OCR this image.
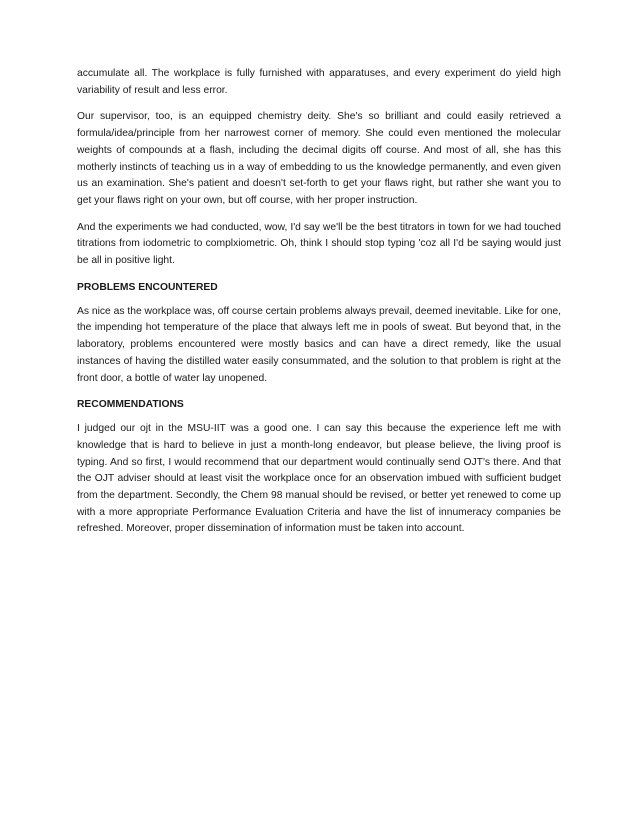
accumulate all. The workplace is fully furnished with apparatuses, and every experiment do yield high variability of result and less error.

Our supervisor, too, is an equipped chemistry deity. She's so brilliant and could easily retrieved a formula/idea/principle from her narrowest corner of memory. She could even mentioned the molecular weights of compounds at a flash, including the decimal digits off course. And most of all, she has this motherly instincts of teaching us in a way of embedding to us the knowledge permanently, and even given us an examination. She's patient and doesn't set-forth to get your flaws right, but rather she want you to get your flaws right on your own, but off course, with her proper instruction.

And the experiments we had conducted, wow, I'd say we'll be the best titrators in town for we had touched titrations from iodometric to complxiometric. Oh, think I should stop typing 'coz all I'd be saying would just be all in positive light.

PROBLEMS ENCOUNTERED

As nice as the workplace was, off course certain problems always prevail, deemed inevitable. Like for one, the impending hot temperature of the place that always left me in pools of sweat. But beyond that, in the laboratory, problems encountered were mostly basics and can have a direct remedy, like the usual instances of having the distilled water easily consummated, and the solution to that problem is right at the front door, a bottle of water lay unopened.

RECOMMENDATIONS

I judged our ojt in the MSU-IIT was a good one. I can say this because the experience left me with knowledge that is hard to believe in just a month-long endeavor, but please believe, the living proof is typing. And so first, I would recommend that our department would continually send OJT's there. And that the OJT adviser should at least visit the workplace once for an observation imbued with sufficient budget from the department. Secondly, the Chem 98 manual should be revised, or better yet renewed to come up with a more appropriate Performance Evaluation Criteria and have the list of innumeracy companies be refreshed. Moreover, proper dissemination of information must be taken into account.
